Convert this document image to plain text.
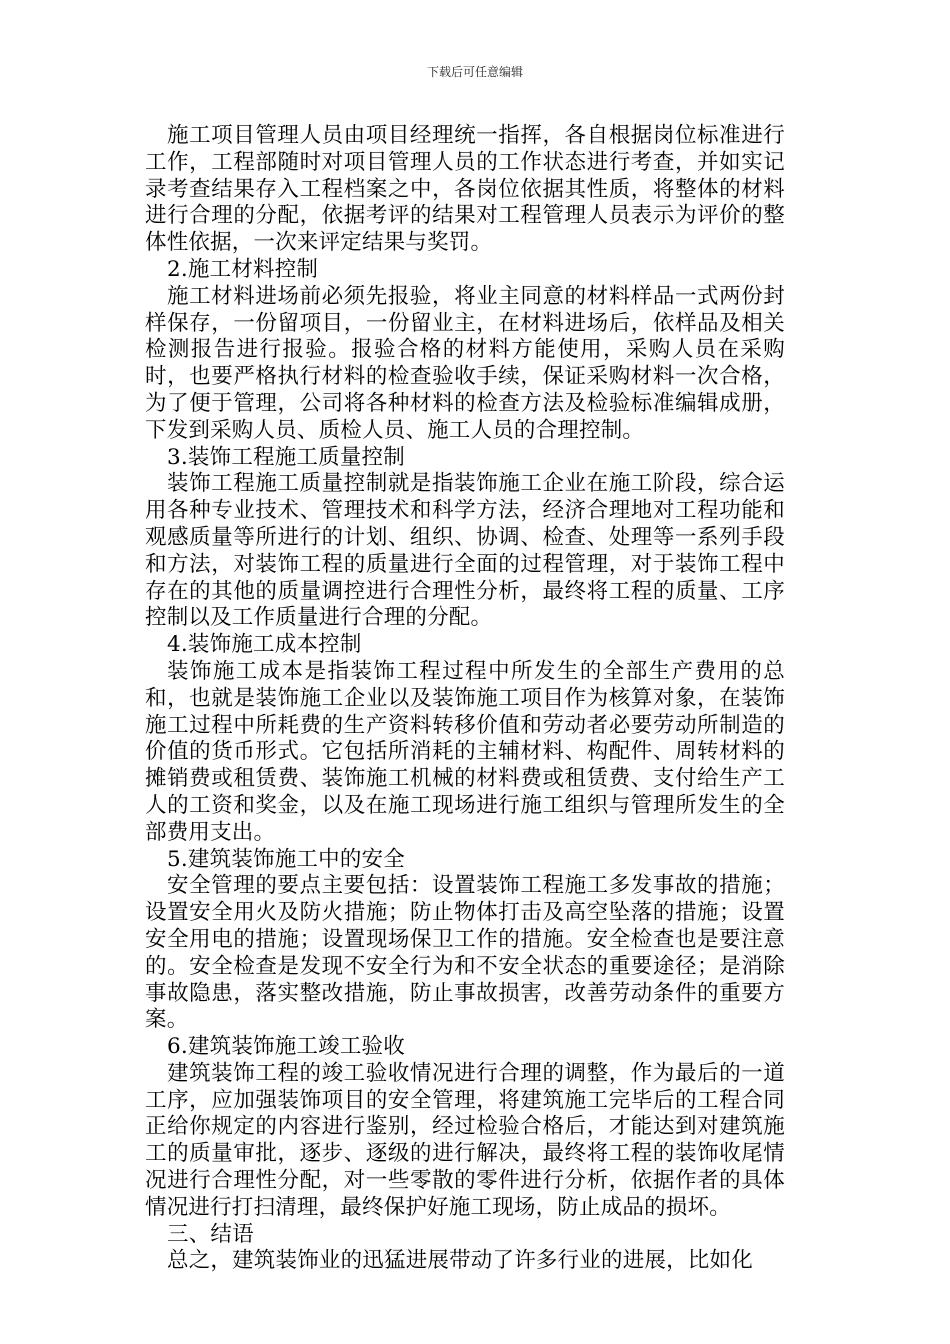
下载后可任意编辑

施工项目管理人员由项目经理统一指挥，各自根据岗位标准进行工作，工程部随时对项目管理人员的工作状态进行考查，并如实记录考查结果存入工程档案之中，各岗位依据其性质，将整体的材料进行合理的分配，依据考评的结果对工程管理人员表示为评价的整体性依据，一次来评定结果与奖罚。

2.施工材料控制

施工材料进场前必须先报验，将业主同意的材料样品一式两份封样保存，一份留项目，一份留业主，在材料进场后，依样品及相关检测报告进行报验。报验合格的材料方能使用，采购人员在采购时，也要严格执行材料的检查验收手续，保证采购材料一次合格，为了便于管理，公司将各种材料的检查方法及检验标准编辑成册，下发到采购人员、质检人员、施工人员的合理控制。

3.装饰工程施工质量控制

装饰工程施工质量控制就是指装饰施工企业在施工阶段，综合运用各种专业技术、管理技术和科学方法，经济合理地对工程功能和观感质量等所进行的计划、组织、协调、检查、处理等一系列手段和方法，对装饰工程的质量进行全面的过程管理，对于装饰工程中存在的其他的质量调控进行合理性分析，最终将工程的质量、工序控制以及工作质量进行合理的分配。

4.装饰施工成本控制

装饰施工成本是指装饰工程过程中所发生的全部生产费用的总和，也就是装饰施工企业以及装饰施工项目作为核算对象，在装饰施工过程中所耗费的生产资料转移价值和劳动者必要劳动所制造的价值的货币形式。它包括所消耗的主辅材料、构配件、周转材料的摊销费或租赁费、装饰施工机械的材料费或租赁费、支付给生产工人的工资和奖金，以及在施工现场进行施工组织与管理所发生的全部费用支出。

5.建筑装饰施工中的安全

安全管理的要点主要包括：设置装饰工程施工多发事故的措施；设置安全用火及防火措施；防止物体打击及高空坠落的措施；设置安全用电的措施；设置现场保卫工作的措施。安全检查也是要注意的。安全检查是发现不安全行为和不安全状态的重要途径；是消除事故隐患，落实整改措施，防止事故损害，改善劳动条件的重要方案。

6.建筑装饰施工竣工验收

建筑装饰工程的竣工验收情况进行合理的调整，作为最后的一道工序，应加强装饰项目的安全管理，将建筑施工完毕后的工程合同正给你规定的内容进行鉴别，经过检验合格后，才能达到对建筑施工的质量审批，逐步、逐级的进行解决，最终将工程的装饰收尾情况进行合理性分配，对一些零散的零件进行分析，依据作者的具体情况进行打扫清理，最终保护好施工现场，防止成品的损坏。

三、结语

总之，建筑装饰业的迅猛进展带动了许多行业的进展，比如化
